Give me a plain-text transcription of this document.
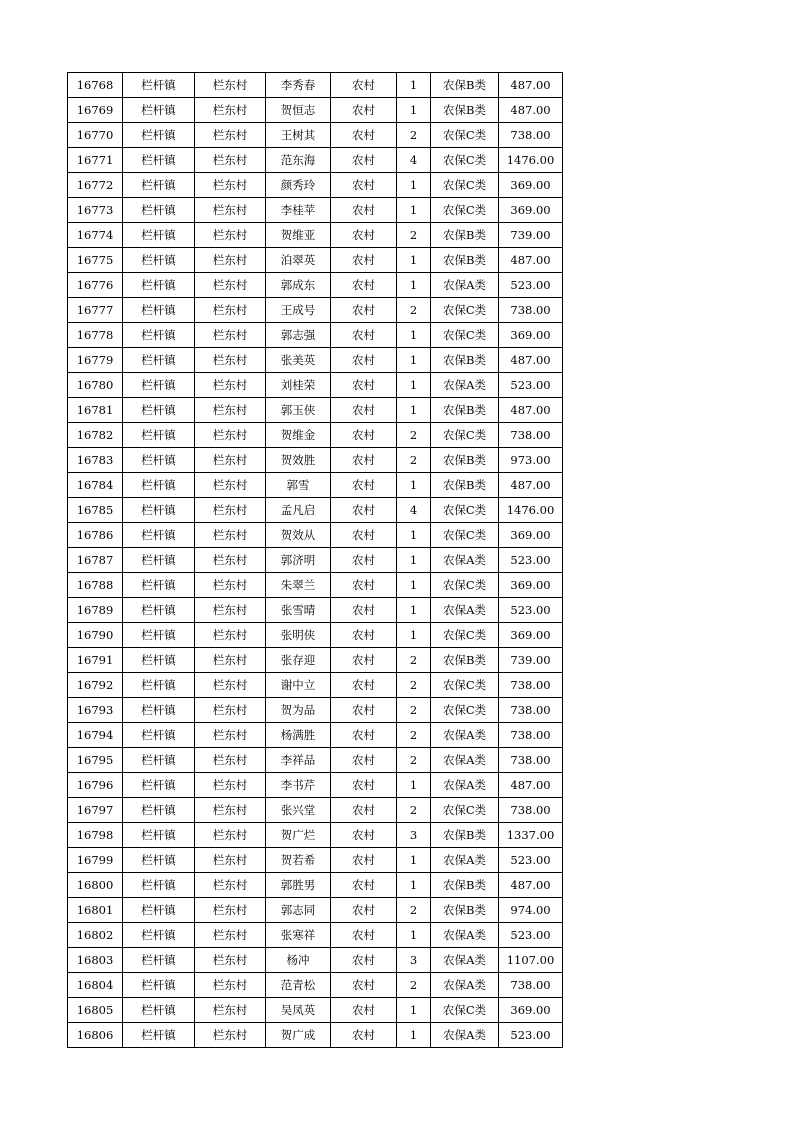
16768	栏杆镇	栏东村	李秀春	农村	1	农保B类	487.00
16769	栏杆镇	栏东村	贺恒志	农村	1	农保B类	487.00
16770	栏杆镇	栏东村	王树其	农村	2	农保C类	738.00
16771	栏杆镇	栏东村	范东海	农村	4	农保C类	1476.00
16772	栏杆镇	栏东村	颜秀玲	农村	1	农保C类	369.00
16773	栏杆镇	栏东村	李桂苹	农村	1	农保C类	369.00
16774	栏杆镇	栏东村	贺维亚	农村	2	农保B类	739.00
16775	栏杆镇	栏东村	泊翠英	农村	1	农保B类	487.00
16776	栏杆镇	栏东村	郭成东	农村	1	农保A类	523.00
16777	栏杆镇	栏东村	王成号	农村	2	农保C类	738.00
16778	栏杆镇	栏东村	郭志强	农村	1	农保C类	369.00
16779	栏杆镇	栏东村	张美英	农村	1	农保B类	487.00
16780	栏杆镇	栏东村	刘桂荣	农村	1	农保A类	523.00
16781	栏杆镇	栏东村	郭玉侠	农村	1	农保B类	487.00
16782	栏杆镇	栏东村	贺维金	农村	2	农保C类	738.00
16783	栏杆镇	栏东村	贺效胜	农村	2	农保B类	973.00
16784	栏杆镇	栏东村	郭雪	农村	1	农保B类	487.00
16785	栏杆镇	栏东村	孟凡启	农村	4	农保C类	1476.00
16786	栏杆镇	栏东村	贺效从	农村	1	农保C类	369.00
16787	栏杆镇	栏东村	郭济明	农村	1	农保A类	523.00
16788	栏杆镇	栏东村	朱翠兰	农村	1	农保C类	369.00
16789	栏杆镇	栏东村	张雪晴	农村	1	农保A类	523.00
16790	栏杆镇	栏东村	张明侠	农村	1	农保C类	369.00
16791	栏杆镇	栏东村	张存迎	农村	2	农保B类	739.00
16792	栏杆镇	栏东村	谢中立	农村	2	农保C类	738.00
16793	栏杆镇	栏东村	贺为品	农村	2	农保C类	738.00
16794	栏杆镇	栏东村	杨满胜	农村	2	农保A类	738.00
16795	栏杆镇	栏东村	李祥品	农村	2	农保A类	738.00
16796	栏杆镇	栏东村	李书芹	农村	1	农保A类	487.00
16797	栏杆镇	栏东村	张兴堂	农村	2	农保C类	738.00
16798	栏杆镇	栏东村	贺广烂	农村	3	农保B类	1337.00
16799	栏杆镇	栏东村	贺若希	农村	1	农保A类	523.00
16800	栏杆镇	栏东村	郭胜男	农村	1	农保B类	487.00
16801	栏杆镇	栏东村	郭志同	农村	2	农保B类	974.00
16802	栏杆镇	栏东村	张寒祥	农村	1	农保A类	523.00
16803	栏杆镇	栏东村	杨冲	农村	3	农保A类	1107.00
16804	栏杆镇	栏东村	范青松	农村	2	农保A类	738.00
16805	栏杆镇	栏东村	吴凤英	农村	1	农保C类	369.00
16806	栏杆镇	栏东村	贺广成	农村	1	农保A类	523.00
